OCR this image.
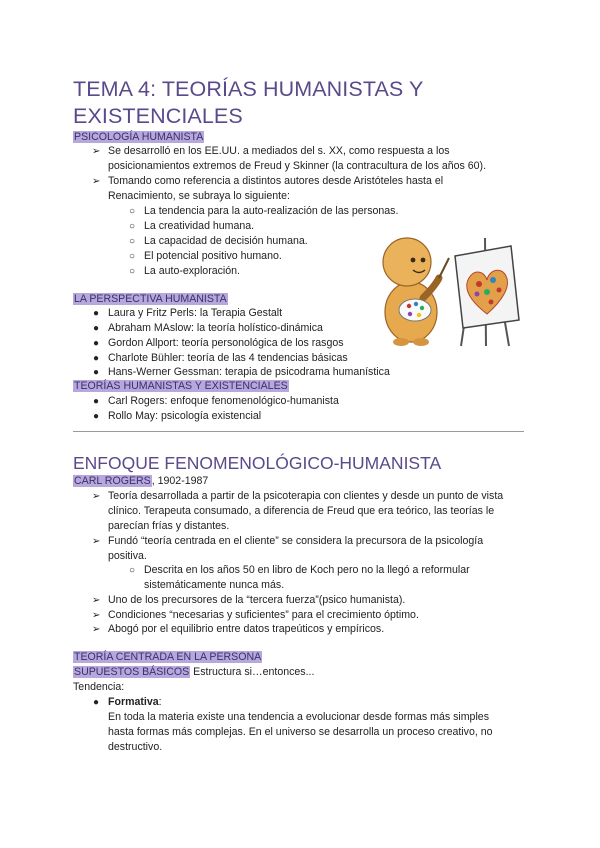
TEMA 4: TEORÍAS HUMANISTAS Y
EXISTENCIALES
PSICOLOGÍA HUMANISTA
➢ Se desarrolló en los EE.UU. a mediados del s. XX, como respuesta a los
posicionamientos extremos de Freud y Skinner (la contracultura de los años 60).
➢ Tomando como referencia a distintos autores desde Aristóteles hasta el
Renacimiento, se subraya lo siguiente:
○ La tendencia para la auto-realización de las personas.
○ La creatividad humana.
○ La capacidad de decisión humana.
○ El potencial positivo humano.
○ La auto-exploración.
LA PERSPECTIVA HUMANISTA
● Laura y Fritz Perls: la Terapia Gestalt
● Abraham MAslow: la teoría holístico-dinámica
● Gordon Allport: teoría personológica de los rasgos
● Charlote Bühler: teoría de las 4 tendencias básicas
● Hans-Werner Gessman: terapia de psicodrama humanística
TEORÍAS HUMANISTAS Y EXISTENCIALES
● Carl Rogers: enfoque fenomenológico-humanista
● Rollo May: psicología existencial
ENFOQUE FENOMENOLÓGICO-HUMANISTA
CARL ROGERS, 1902-1987
➢ Teoría desarrollada a partir de la psicoterapia con clientes y desde un punto de vista
clínico. Terapeuta consumado, a diferencia de Freud que era teórico, las teorías le
parecían frías y distantes.
➢ Fundó “teoría centrada en el cliente” se considera la precursora de la psicología
positiva.
○ Descrita en los años 50 en libro de Koch pero no la llegó a reformular
sistemáticamente nunca más.
➢ Uno de los precursores de la “tercera fuerza”(psico humanista).
➢ Condiciones “necesarias y suficientes” para el crecimiento óptimo.
➢ Abogó por el equilibrio entre datos trapeúticos y empíricos.
TEORÍA CENTRADA EN LA PERSONA
SUPUESTOS BÁSICOS Estructura si…entonces...
Tendencia:
● Formativa:
En toda la materia existe una tendencia a evolucionar desde formas más simples
hasta formas más complejas. En el universo se desarrolla un proceso creativo, no
destructivo.
